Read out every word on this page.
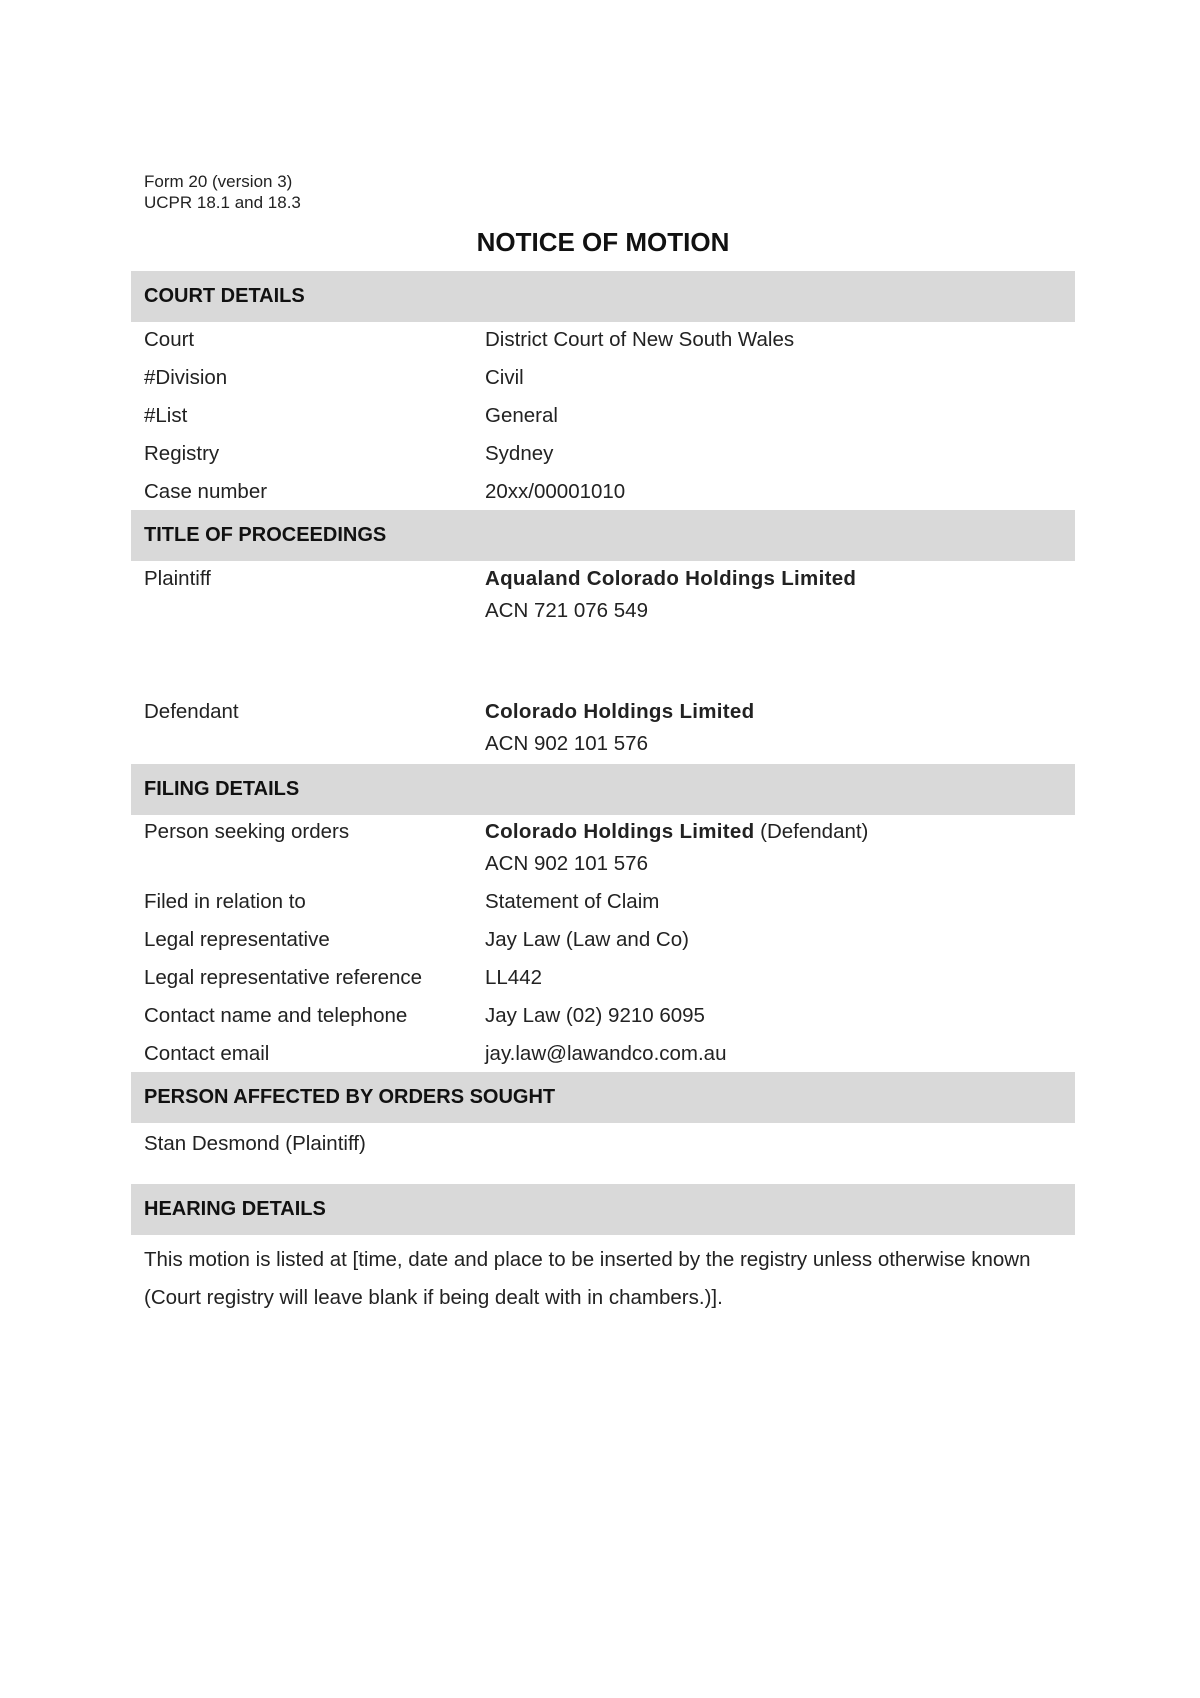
Form 20 (version 3)
UCPR 18.1 and 18.3
NOTICE OF MOTION
COURT DETAILS
Court	District Court of New South Wales
#Division	Civil
#List	General
Registry	Sydney
Case number	20xx/00001010
TITLE OF PROCEEDINGS
Plaintiff	Aqualand Colorado Holdings Limited
ACN 721 076 549
Defendant	Colorado Holdings Limited
ACN 902 101 576
FILING DETAILS
Person seeking orders	Colorado Holdings Limited (Defendant)
ACN 902 101 576
Filed in relation to	Statement of Claim
Legal representative	Jay Law (Law and Co)
Legal representative reference	LL442
Contact name and telephone	Jay Law (02) 9210 6095
Contact email	jay.law@lawandco.com.au
PERSON AFFECTED BY ORDERS SOUGHT
Stan Desmond (Plaintiff)
HEARING DETAILS
This motion is listed at [time, date and place to be inserted by the registry unless otherwise known (Court registry will leave blank if being dealt with in chambers.)].
